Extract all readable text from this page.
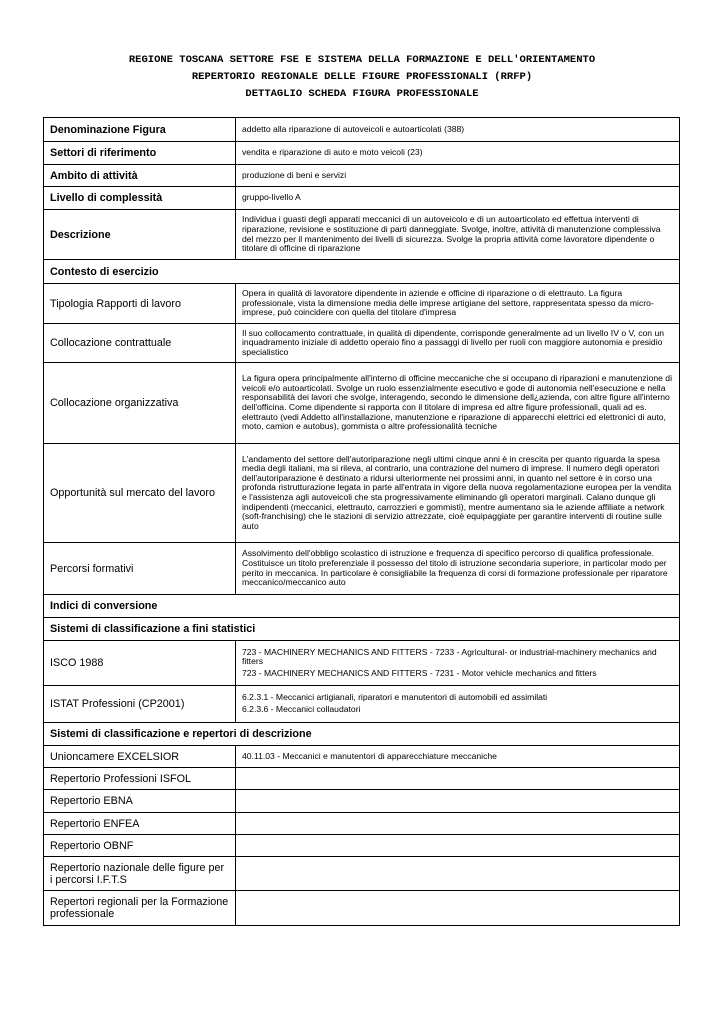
REGIONE TOSCANA SETTORE FSE E SISTEMA DELLA FORMAZIONE E DELL'ORIENTAMENTO
REPERTORIO REGIONALE DELLE FIGURE PROFESSIONALI (RRFP)
DETTAGLIO SCHEDA FIGURA PROFESSIONALE
Denominazione Figura	addetto alla riparazione di autoveicoli e autoarticolati (388)
Settori di riferimento	vendita e riparazione di auto e moto veicoli (23)
Ambito di attività	produzione di beni e servizi
Livello di complessità	gruppo-livello A
Descrizione	Individua i guasti degli apparati meccanici di un autoveicolo e di un autoarticolato ed effettua interventi di riparazione, revisione e sostituzione di parti danneggiate. Svolge, inoltre, attività di manutenzione complessiva del mezzo per il mantenimento dei livelli di sicurezza. Svolge la propria attività come lavoratore dipendente o titolare di officine di riparazione
Contesto di esercizio	
Tipologia Rapporti di lavoro	Opera in qualità di lavoratore dipendente in aziende e officine di riparazione o di elettrauto. La figura professionale, vista la dimensione media delle imprese artigiane del settore, rappresentata spesso da micro-imprese, può coincidere con quella del titolare d'impresa
Collocazione contrattuale	Il suo collocamento contrattuale, in qualità di dipendente, corrisponde generalmente ad un livello IV o V, con un inquadramento iniziale di addetto operaio fino a passaggi di livello per ruoli con maggiore autonomia e presidio specialistico
Collocazione organizzativa	La figura opera principalmente all'interno di officine meccaniche che si occupano di riparazioni e manutenzione di veicoli e/o autoarticolati. Svolge un ruolo essenzialmente esecutivo e gode di autonomia nell'esecuzione e nella responsabilità dei lavori che svolge, interagendo, secondo le dimensione dell¿azienda, con altre figure all'interno dell'officina. Come dipendente si rapporta con il titolare di impresa ed altre figure professionali, quali ad es. elettrauto (vedi Addetto all'installazione, manutenzione e riparazione di apparecchi elettrici ed elettronici di auto, moto, camion e autobus), gommista o altre professionalità tecniche
Opportunità sul mercato del lavoro	L'andamento del settore dell'autoriparazione negli ultimi cinque anni è in crescita per quanto riguarda la spesa media degli italiani, ma si rileva, al contrario, una contrazione del numero di imprese. Il numero degli operatori dell'autoriparazione è destinato a ridursi ulteriormente nei prossimi anni, in quanto nel settore è in corso una profonda ristrutturazione legata in parte all'entrata in vigore della nuova regolamentazione europea per la vendita e l'assistenza agli autoveicoli che sta progressivamente eliminando gli operatori marginali. Calano dunque gli indipendenti (meccanici, elettrauto, carrozzieri e gommisti), mentre aumentano sia le aziende affiliate a network (soft-franchising) che le stazioni di servizio attrezzate, cioè equipaggiate per garantire interventi di routine sulle auto
Percorsi formativi	Assolvimento dell'obbligo scolastico di istruzione e frequenza di specifico percorso di qualifica professionale. Costituisce un titolo preferenziale il possesso del titolo di istruzione secondaria superiore, in particolar modo per perito in meccanica. In particolare è consigliabile la frequenza di corsi di formazione professionale per riparatore meccanico/meccanico auto
Indici di conversione	
Sistemi di classificazione a fini statistici	
ISCO 1988	723 - MACHINERY MECHANICS AND FITTERS - 7233 - Agricultural- or industrial-machinery mechanics and fitters
723 - MACHINERY MECHANICS AND FITTERS - 7231 - Motor vehicle mechanics and fitters

ISTAT Professioni (CP2001)	6.2.3.1 - Meccanici artigianali, riparatori e manutentori di automobili ed assimilati
6.2.3.6 - Meccanici collaudatori

Sistemi di classificazione e repertori di descrizione	
Unioncamere EXCELSIOR	40.11.03 - Meccanici e manutentori di apparecchiature meccaniche
Repertorio Professioni ISFOL	
Repertorio EBNA	
Repertorio ENFEA	
Repertorio OBNF	
Repertorio nazionale delle figure per i percorsi I.F.T.S	
Repertori regionali per la Formazione professionale	
